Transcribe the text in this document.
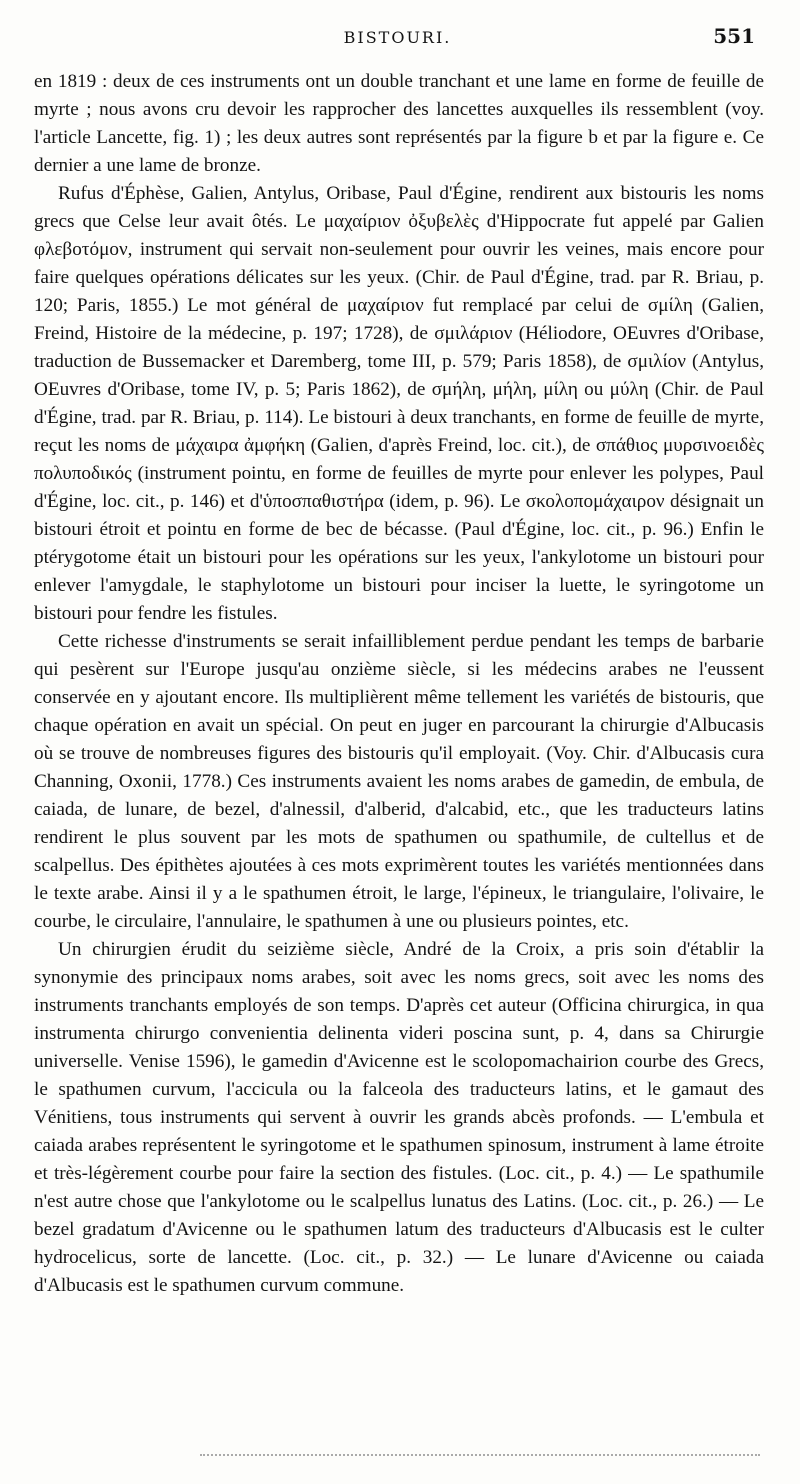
BISTOURI.	551

en 1819 : deux de ces instruments ont un double tranchant et une lame en forme de feuille de myrte ; nous avons cru devoir les rapprocher des lancettes auxquelles ils ressemblent (voy. l'article Lancette, fig. 1) ; les deux autres sont représentés par la figure b et par la figure e. Ce dernier a une lame de bronze.

Rufus d'Éphèse, Galien, Antylus, Oribase, Paul d'Égine, rendirent aux bistouris les noms grecs que Celse leur avait ôtés. Le μαχαίριον ὀξυβελὲς d'Hippocrate fut appelé par Galien φλεβοτόμον, instrument qui servait non-seulement pour ouvrir les veines, mais encore pour faire quelques opérations délicates sur les yeux. (Chir. de Paul d'Égine, trad. par R. Briau, p. 120; Paris, 1855.) Le mot général de μαχαίριον fut remplacé par celui de σμίλη (Galien, Freind, Histoire de la médecine, p. 197; 1728), de σμιλάριον (Héliodore, OEuvres d'Oribase, traduction de Bussemacker et Daremberg, tome III, p. 579; Paris 1858), de σμιλίον (Antylus, OEuvres d'Oribase, tome IV, p. 5; Paris 1862), de σμήλη, μήλη, μίλη ou μύλη (Chir. de Paul d'Égine, trad. par R. Briau, p. 114). Le bistouri à deux tranchants, en forme de feuille de myrte, reçut les noms de μάχαιρα ἀμφήκη (Galien, d'après Freind, loc. cit.), de σπάθιος μυρσινοειδὲς πολυποδικός (instrument pointu, en forme de feuilles de myrte pour enlever les polypes, Paul d'Égine, loc. cit., p. 146) et d'ὑποσπαθιστήρα (idem, p. 96). Le σκολοπομάχαιρον désignait un bistouri étroit et pointu en forme de bec de bécasse. (Paul d'Égine, loc. cit., p. 96.) Enfin le ptérygotome était un bistouri pour les opérations sur les yeux, l'ankylotome un bistouri pour enlever l'amygdale, le staphylotome un bistouri pour inciser la luette, le syringotome un bistouri pour fendre les fistules.

Cette richesse d'instruments se serait infailliblement perdue pendant les temps de barbarie qui pesèrent sur l'Europe jusqu'au onzième siècle, si les médecins arabes ne l'eussent conservée en y ajoutant encore. Ils multiplièrent même tellement les variétés de bistouris, que chaque opération en avait un spécial. On peut en juger en parcourant la chirurgie d'Albucasis où se trouve de nombreuses figures des bistouris qu'il employait. (Voy. Chir. d'Albucasis cura Channing, Oxonii, 1778.) Ces instruments avaient les noms arabes de gamedin, de embula, de caiada, de lunare, de bezel, d'alnessil, d'alberid, d'alcabid, etc., que les traducteurs latins rendirent le plus souvent par les mots de spathumen ou spathumile, de cultellus et de scalpellus. Des épithètes ajoutées à ces mots exprimèrent toutes les variétés mentionnées dans le texte arabe. Ainsi il y a le spathumen étroit, le large, l'épineux, le triangulaire, l'olivaire, le courbe, le circulaire, l'annulaire, le spathumen à une ou plusieurs pointes, etc.

Un chirurgien érudit du seizième siècle, André de la Croix, a pris soin d'établir la synonymie des principaux noms arabes, soit avec les noms grecs, soit avec les noms des instruments tranchants employés de son temps. D'après cet auteur (Officina chirurgica, in qua instrumenta chirurgo convenientia delinenta videri poscina sunt, p. 4, dans sa Chirurgie universelle. Venise 1596), le gamedin d'Avicenne est le scolopomachairion courbe des Grecs, le spathumen curvum, l'accicula ou la falceola des traducteurs latins, et le gamaut des Vénitiens, tous instruments qui servent à ouvrir les grands abcès profonds. — L'embula et caiada arabes représentent le syringotome et le spathumen spinosum, instrument à lame étroite et très-légèrement courbe pour faire la section des fistules. (Loc. cit., p. 4.) — Le spathumile n'est autre chose que l'ankylotome ou le scalpellus lunatus des Latins. (Loc. cit., p. 26.) — Le bezel gradatum d'Avicenne ou le spathumen latum des traducteurs d'Albucasis est le culter hydrocelicus, sorte de lancette. (Loc. cit., p. 32.) — Le lunare d'Avicenne ou caiada d'Albucasis est le spathumen curvum commune.
